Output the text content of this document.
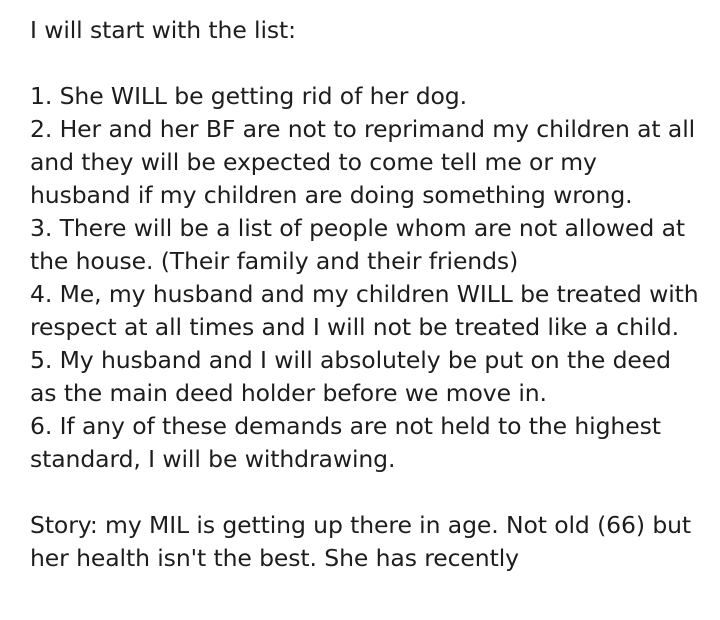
I will start with the list:

1. She WILL be getting rid of her dog.

2. Her and her BF are not to reprimand my children at all and they will be expected to come tell me or my husband if my children are doing something wrong.

3. There will be a list of people whom are not allowed at the house. (Their family and their friends)

4. Me, my husband and my children WILL be treated with respect at all times and I will not be treated like a child.

5. My husband and I will absolutely be put on the deed as the main deed holder before we move in.

6. If any of these demands are not held to the highest standard, I will be withdrawing.

Story: my MIL is getting up there in age. Not old (66) but her health isn't the best. She has recently
